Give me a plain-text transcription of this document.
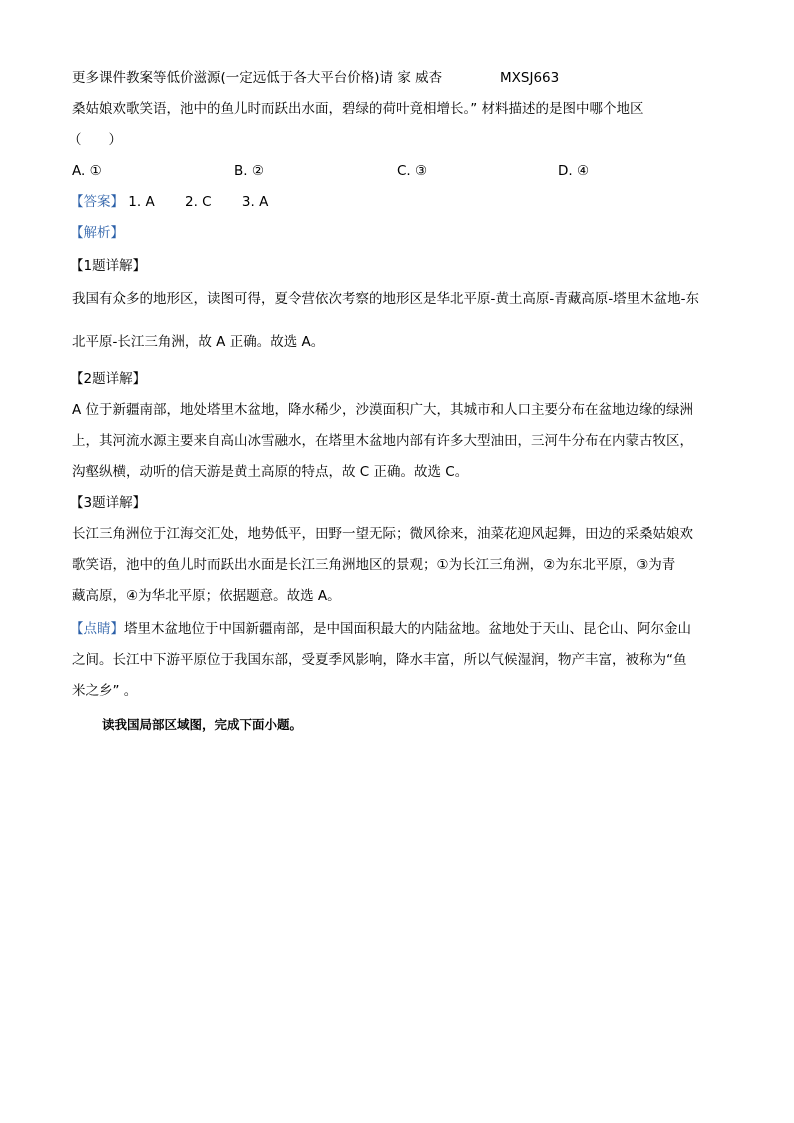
更多课件教案等低价滋源(一定远低于各大平台价格)请 家 威杏	MXSJ663
桑姑娘欢歌笑语，池中的鱼儿时而跃出水面，碧绿的荷叶竟相增长。” 材料描述的是图中哪个地区
（　　）
A. ①	B. ②	C. ③	D. ④
【答案】 1. A 2. C 3. A
【解析】
【1题详解】
我国有众多的地形区，读图可得，夏令营依次考察的地形区是华北平原-黄土高原-青藏高原-塔里木盆地-东
北平原-长江三角洲，故 A 正确。故选 A。
【2题详解】
A 位于新疆南部，地处塔里木盆地，降水稀少，沙漠面积广大，其城市和人口主要分布在盆地边缘的绿洲
上，其河流水源主要来自高山冰雪融水，在塔里木盆地内部有许多大型油田，三河牛分布在内蒙古牧区，
沟壑纵横，动听的信天游是黄土高原的特点，故 C 正确。故选 C。
【3题详解】
长江三角洲位于江海交汇处，地势低平，田野一望无际；微风徐来，油菜花迎风起舞，田边的采桑姑娘欢
歌笑语，池中的鱼儿时而跃出水面是长江三角洲地区的景观；①为长江三角洲，②为东北平原，③为青
藏高原，④为华北平原；依据题意。故选 A。
【点睛】塔里木盆地位于中国新疆南部，是中国面积最大的内陆盆地。盆地处于天山、昆仑山、阿尔金山
之间。长江中下游平原位于我国东部，受夏季风影响，降水丰富，所以气候湿润，物产丰富，被称为“鱼
米之乡” 。
读我国局部区域图，完成下面小题。
